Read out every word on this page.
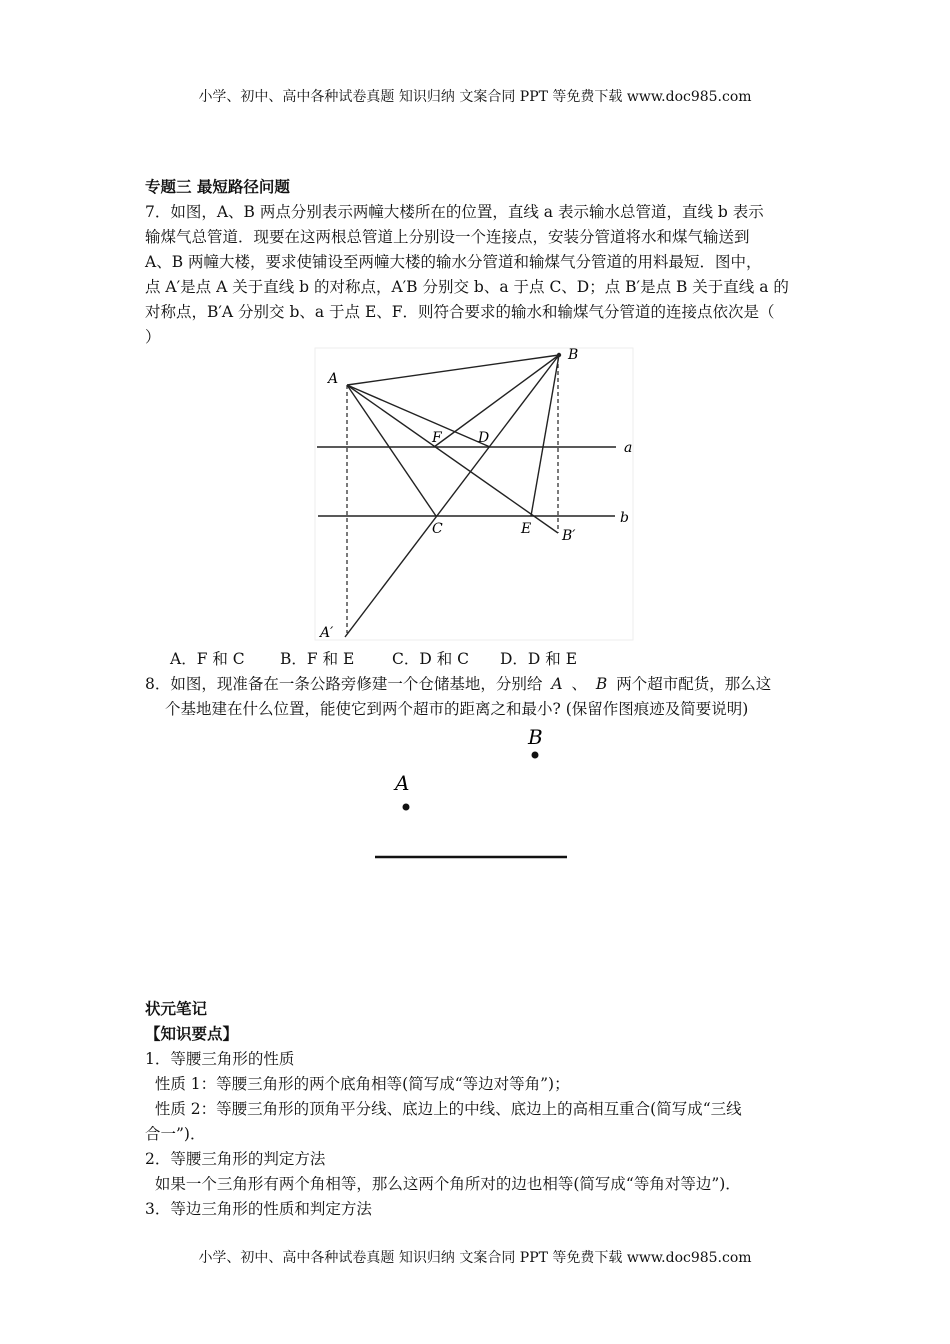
小学、初中、高中各种试卷真题 知识归纳 文案合同 PPT 等免费下载 www.doc985.com
专题三 最短路径问题
7．如图，A、B 两点分别表示两幢大楼所在的位置，直线 a 表示输水总管道，直线 b 表示
输煤气总管道．现要在这两根总管道上分别设一个连接点，安装分管道将水和煤气输送到
A、B 两幢大楼，要求使铺设至两幢大楼的输水分管道和输煤气分管道的用料最短．图中，
点 A′是点 A 关于直线 b 的对称点，A′B 分别交 b、a 于点 C、D；点 B′是点 B 关于直线 a 的
对称点，B′A 分别交 b、a 于点 E、F．则符合要求的输水和输煤气分管道的连接点依次是（
）
A
B
F	D
a
C	E B′
b
A′
A．F 和 C B．F 和 E C．D 和 C D．D 和 E
8．如图，现准备在一条公路旁修建一个仓储基地，分别给 A 、 B 两个超市配货，那么这
个基地建在什么位置，能使它到两个超市的距离之和最小? (保留作图痕迹及简要说明)
B
A
状元笔记
【知识要点】
1．等腰三角形的性质
性质 1：等腰三角形的两个底角相等(简写成“等边对等角”)；
性质 2：等腰三角形的顶角平分线、底边上的中线、底边上的高相互重合(简写成“三线
合一”)．
2．等腰三角形的判定方法
如果一个三角形有两个角相等，那么这两个角所对的边也相等(简写成“等角对等边”)．
3．等边三角形的性质和判定方法
小学、初中、高中各种试卷真题 知识归纳 文案合同 PPT 等免费下载 www.doc985.com
